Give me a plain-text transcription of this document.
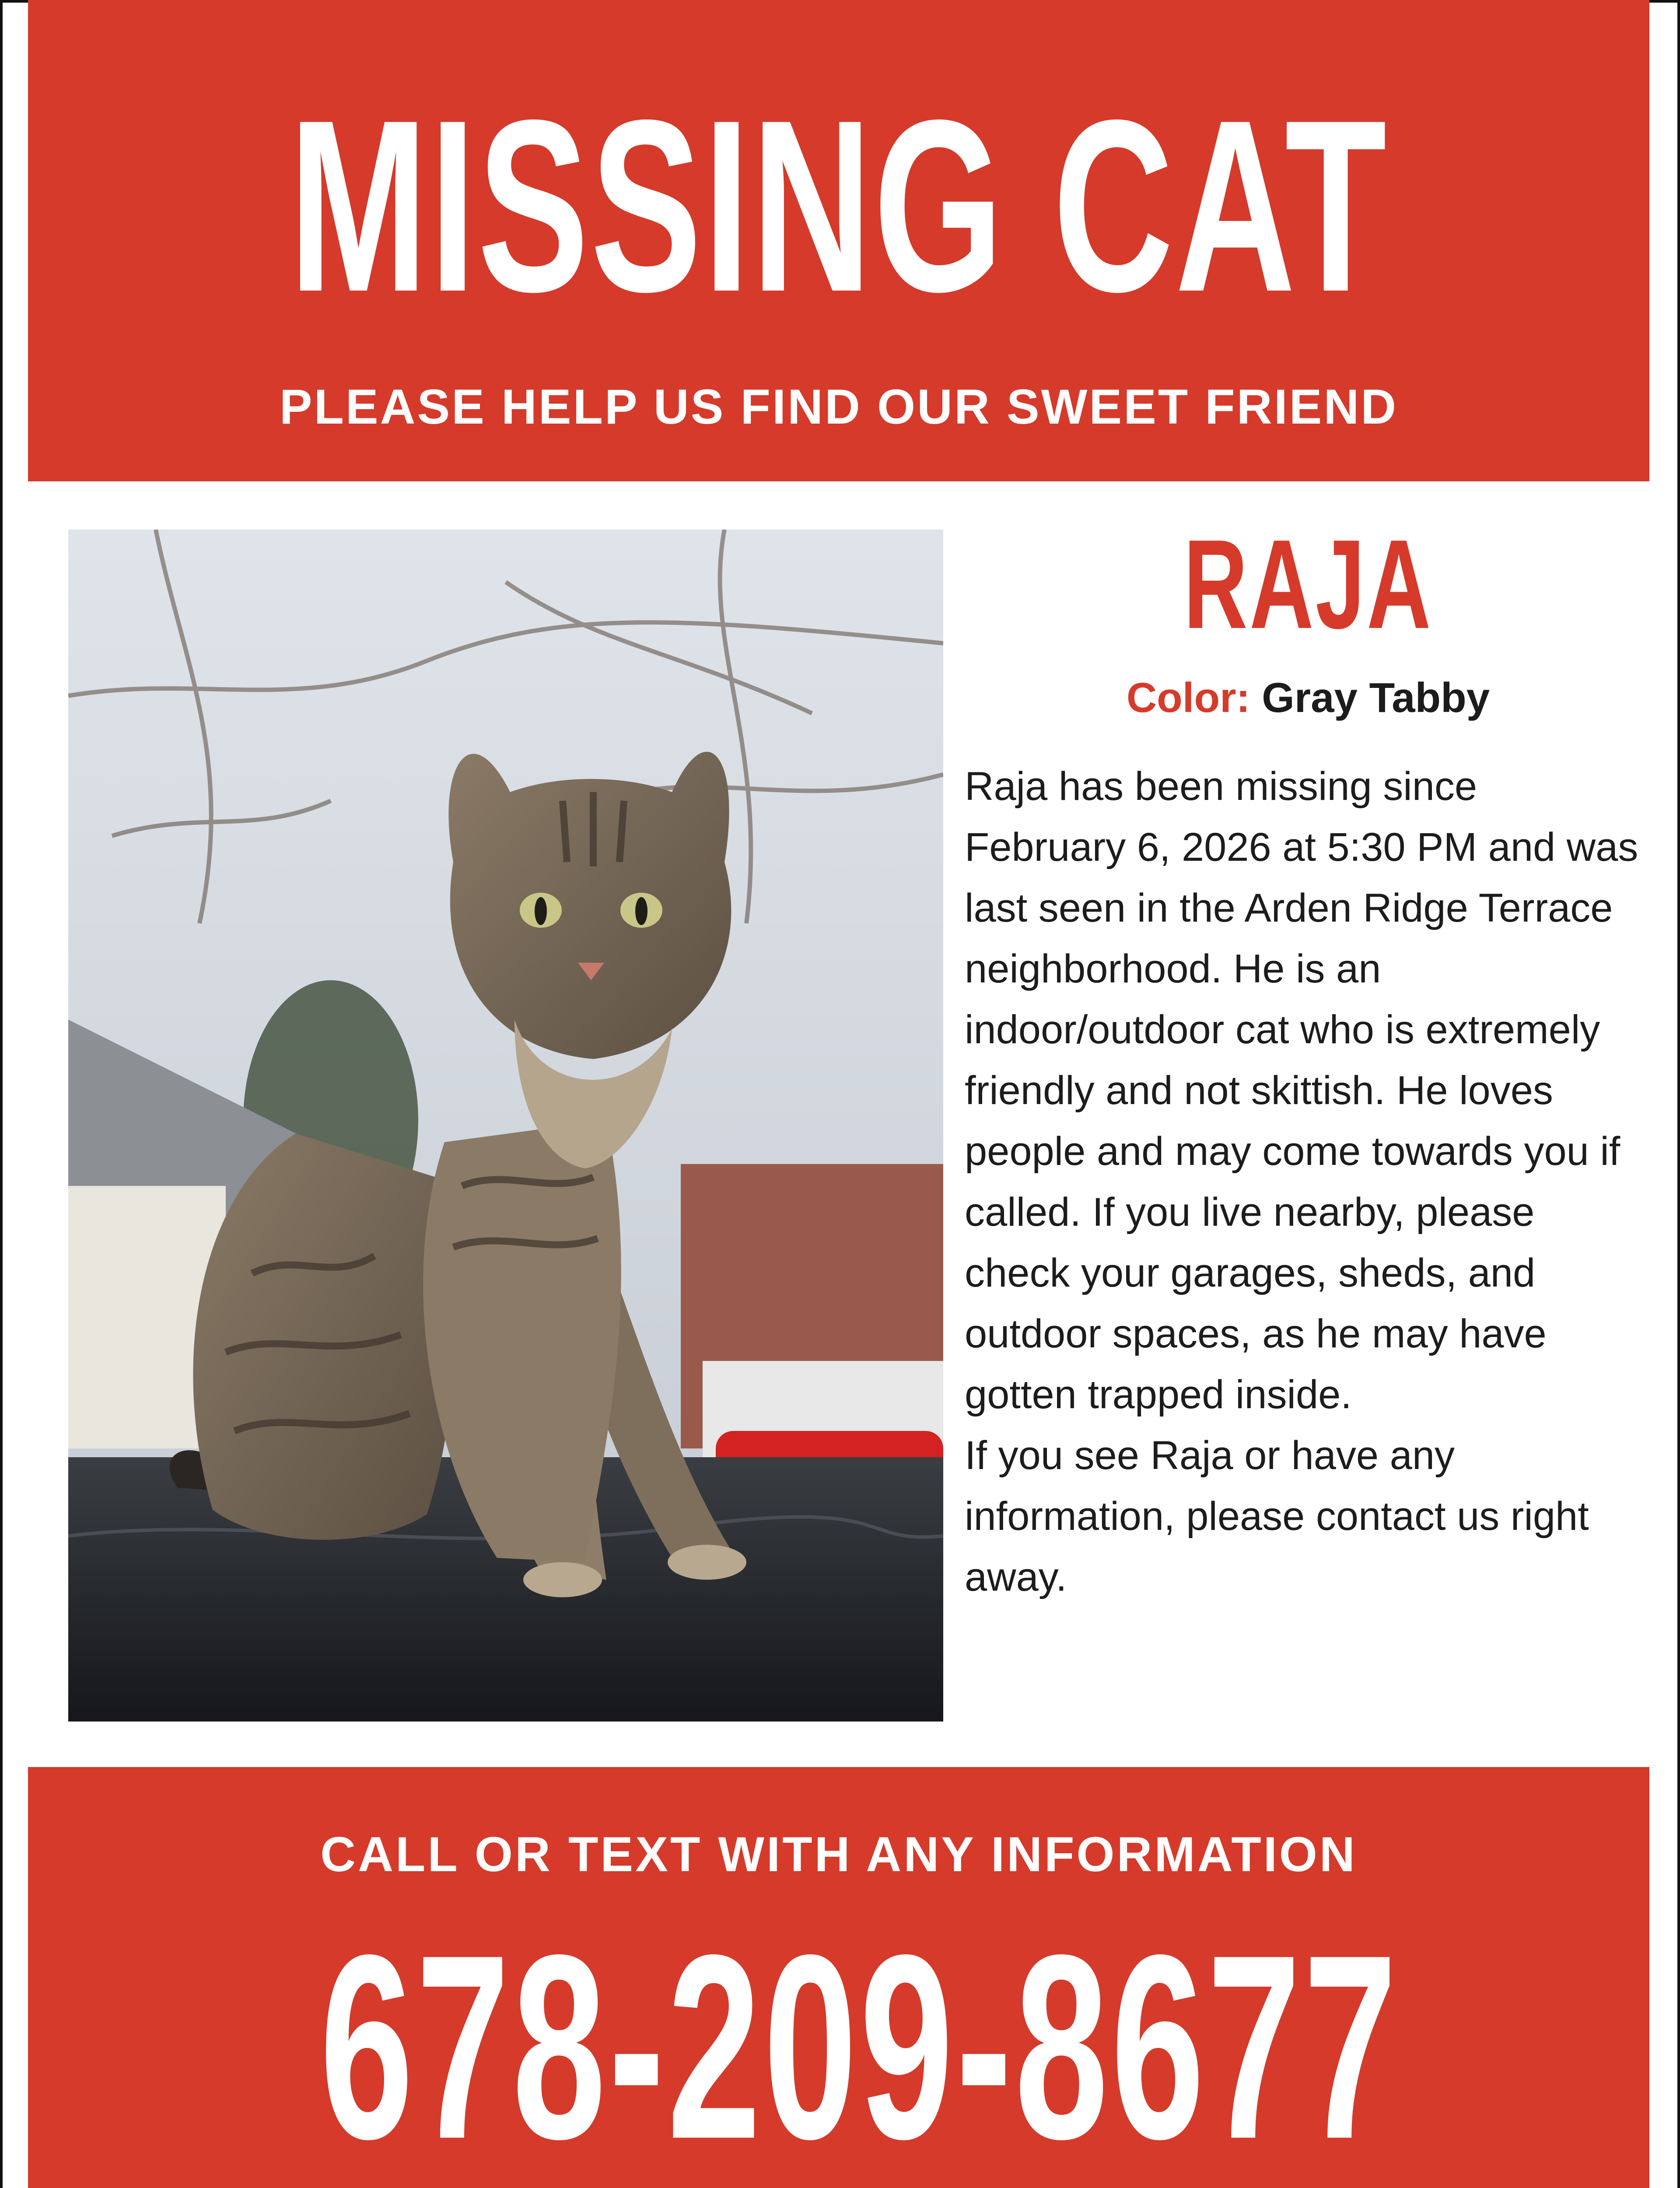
MISSING CAT
PLEASE HELP US FIND OUR SWEET FRIEND
RAJA
Color: Gray Tabby

Raja has been missing since February 6, 2026 at 5:30 PM and was last seen in the Arden Ridge Terrace neighborhood. He is an indoor/outdoor cat who is extremely friendly and not skittish. He loves people and may come towards you if called. If you live nearby, please check your garages, sheds, and outdoor spaces, as he may have gotten trapped inside.

If you see Raja or have any information, please contact us right away.

CALL OR TEXT WITH ANY INFORMATION
678-209-8677
